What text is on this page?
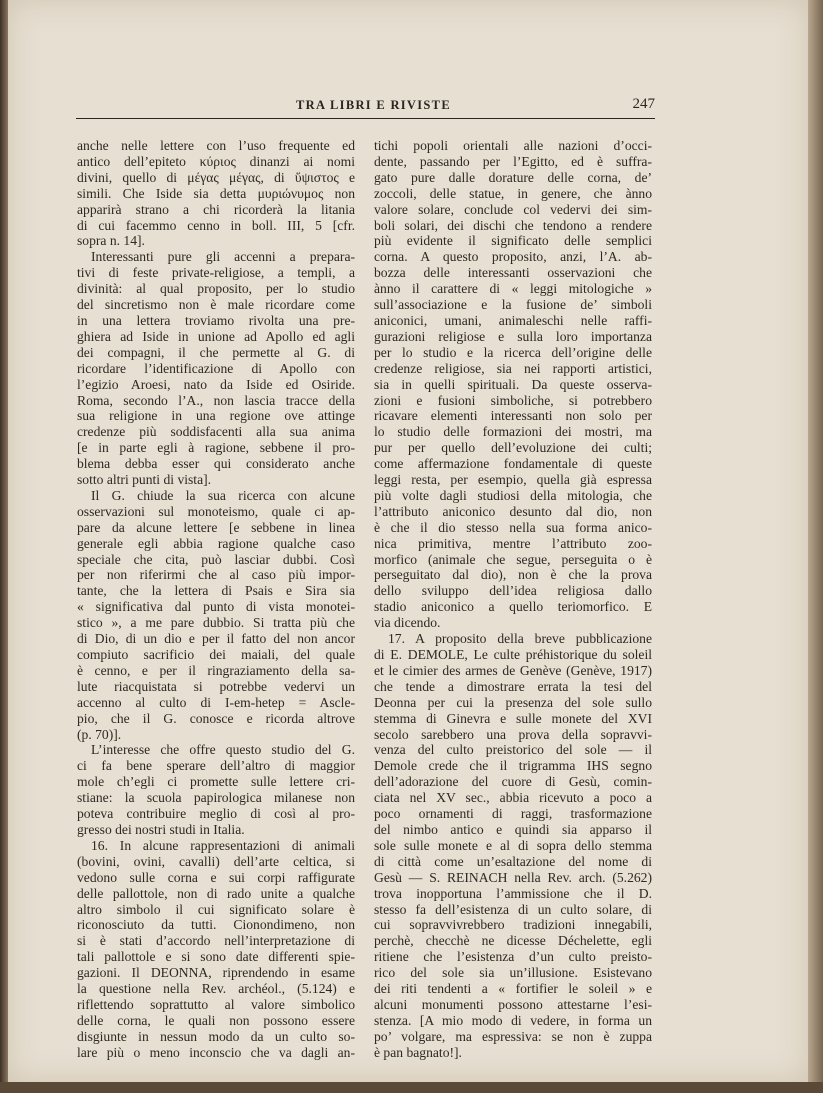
TRA LIBRI E RIVISTE	247
anche nelle lettere con l’uso frequente ed
antico dell’epiteto κύριος dinanzi ai nomi
divini, quello di μέγας μέγας, di ὕψιστος e
simili. Che Iside sia detta μυριώνυμος non
apparirà strano a chi ricorderà la litania
di cui facemmo cenno in boll. III, 5 [cfr.
sopra n. 14].
Interessanti pure gli accenni a prepara-
tivi di feste private-religiose, a templi, a
divinità: al qual proposito, per lo studio
del sincretismo non è male ricordare come
in una lettera troviamo rivolta una pre-
ghiera ad Iside in unione ad Apollo ed agli
dei compagni, il che permette al G. di
ricordare l’identificazione di Apollo con
l’egizio Aroesi, nato da Iside ed Osiride.
Roma, secondo l’A., non lascia tracce della
sua religione in una regione ove attinge
credenze più soddisfacenti alla sua anima
[e in parte egli à ragione, sebbene il pro-
blema debba esser qui considerato anche
sotto altri punti di vista].
Il G. chiude la sua ricerca con alcune
osservazioni sul monoteismo, quale ci ap-
pare da alcune lettere [e sebbene in linea
generale egli abbia ragione qualche caso
speciale che cita, può lasciar dubbi. Così
per non riferirmi che al caso più impor-
tante, che la lettera di Psais e Sira sia
« significativa dal punto di vista monotei-
stico », a me pare dubbio. Si tratta più che
di Dio, di un dio e per il fatto del non ancor
compiuto sacrificio dei maiali, del quale
è cenno, e per il ringraziamento della sa-
lute riacquistata si potrebbe vedervi un
accenno al culto di I-em-hetep = Ascle-
pio, che il G. conosce e ricorda altrove
(p. 70)].
L’interesse che offre questo studio del G.
ci fa bene sperare dell’altro di maggior
mole ch’egli ci promette sulle lettere cri-
stiane: la scuola papirologica milanese non
poteva contribuire meglio di così al pro-
gresso dei nostri studi in Italia.
16. In alcune rappresentazioni di animali
(bovini, ovini, cavalli) dell’arte celtica, si
vedono sulle corna e sui corpi raffigurate
delle pallottole, non di rado unite a qualche
altro simbolo il cui significato solare è
riconosciuto da tutti. Cionondimeno, non
si è stati d’accordo nell’interpretazione di
tali pallottole e si sono date differenti spie-
gazioni. Il DEONNA, riprendendo in esame
la questione nella Rev. archéol., (5.124) e
riflettendo soprattutto al valore simbolico
delle corna, le quali non possono essere
disgiunte in nessun modo da un culto so-
lare più o meno inconscio che va dagli an-
tichi popoli orientali alle nazioni d’occi-
dente, passando per l’Egitto, ed è suffra-
gato pure dalle dorature delle corna, de’
zoccoli, delle statue, in genere, che ànno
valore solare, conclude col vedervi dei sim-
boli solari, dei dischi che tendono a rendere
più evidente il significato delle semplici
corna. A questo proposito, anzi, l’A. ab-
bozza delle interessanti osservazioni che
ànno il carattere di « leggi mitologiche »
sull’associazione e la fusione de’ simboli
aniconici, umani, animaleschi nelle raffi-
gurazioni religiose e sulla loro importanza
per lo studio e la ricerca dell’origine delle
credenze religiose, sia nei rapporti artistici,
sia in quelli spirituali. Da queste osserva-
zioni e fusioni simboliche, si potrebbero
ricavare elementi interessanti non solo per
lo studio delle formazioni dei mostri, ma
pur per quello dell’evoluzione dei culti;
come affermazione fondamentale di queste
leggi resta, per esempio, quella già espressa
più volte dagli studiosi della mitologia, che
l’attributo aniconico desunto dal dio, non
è che il dio stesso nella sua forma anico-
nica primitiva, mentre l’attributo zoo-
morfico (animale che segue, perseguita o è
perseguitato dal dio), non è che la prova
dello sviluppo dell’idea religiosa dallo
stadio aniconico a quello teriomorfico. E
via dicendo.
17. A proposito della breve pubblicazione
di E. DEMOLE, Le culte préhistorique du soleil
et le cimier des armes de Genève (Genève, 1917)
che tende a dimostrare errata la tesi del
Deonna per cui la presenza del sole sullo
stemma di Ginevra e sulle monete del XVI
secolo sarebbero una prova della sopravvi-
venza del culto preistorico del sole — il
Demole crede che il trigramma IHS segno
dell’adorazione del cuore di Gesù, comin-
ciata nel XV sec., abbia ricevuto a poco a
poco ornamenti di raggi, trasformazione
del nimbo antico e quindi sia apparso il
sole sulle monete e al di sopra dello stemma
di città come un’esaltazione del nome di
Gesù — S. REINACH nella Rev. arch. (5.262)
trova inopportuna l’ammissione che il D.
stesso fa dell’esistenza di un culto solare, di
cui sopravvivrebbero tradizioni innegabili,
perchè, checchè ne dicesse Déchelette, egli
ritiene che l’esistenza d’un culto preisto-
rico del sole sia un’illusione. Esistevano
dei riti tendenti a « fortifier le soleil » e
alcuni monumenti possono attestarne l’esi-
stenza. [A mio modo di vedere, in forma un
po’ volgare, ma espressiva: se non è zuppa
è pan bagnato!].
